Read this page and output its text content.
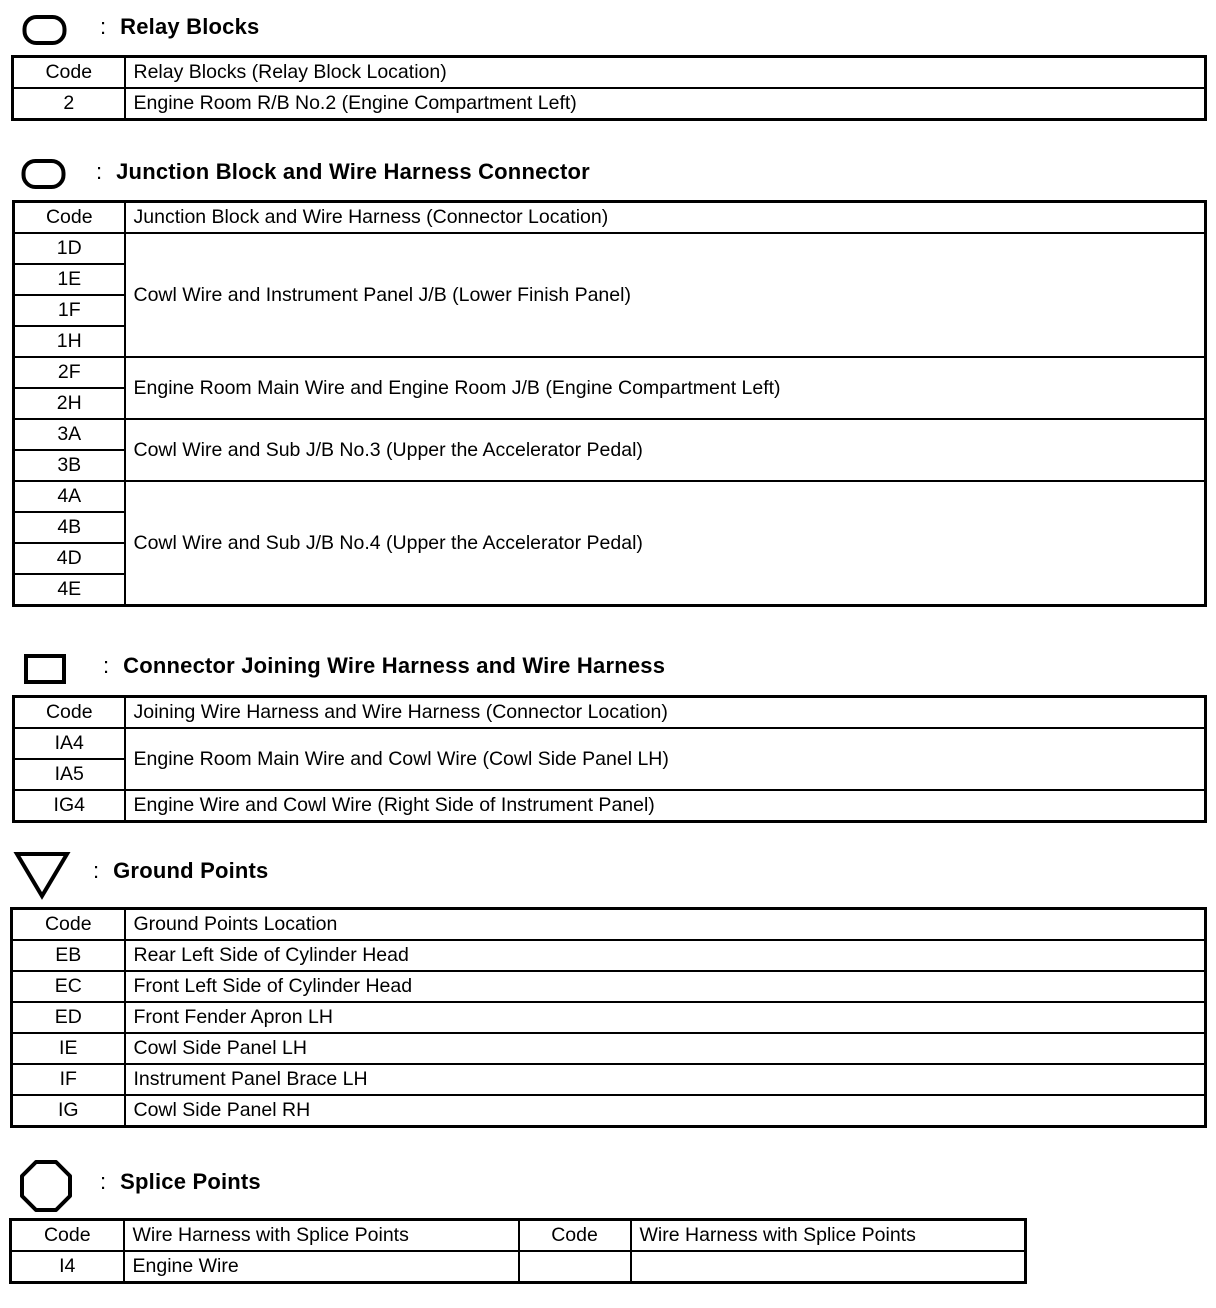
: Relay Blocks
Code	Relay Blocks (Relay Block Location)
2	Engine Room R/B No.2 (Engine Compartment Left)
: Junction Block and Wire Harness Connector
Code	Junction Block and Wire Harness (Connector Location)
1D	Cowl Wire and Instrument Panel J/B (Lower Finish Panel)
1E	
1F	
1H	
2F	Engine Room Main Wire and Engine Room J/B (Engine Compartment Left)
2H	
3A	Cowl Wire and Sub J/B No.3 (Upper the Accelerator Pedal)
3B	
4A	Cowl Wire and Sub J/B No.4 (Upper the Accelerator Pedal)
4B	
4D	
4E	
: Connector Joining Wire Harness and Wire Harness
Code	Joining Wire Harness and Wire Harness (Connector Location)
IA4	Engine Room Main Wire and Cowl Wire (Cowl Side Panel LH)
IA5	
IG4	Engine Wire and Cowl Wire (Right Side of Instrument Panel)
: Ground Points
Code	Ground Points Location
EB	Rear Left Side of Cylinder Head
EC	Front Left Side of Cylinder Head
ED	Front Fender Apron LH
IE	Cowl Side Panel LH
IF	Instrument Panel Brace LH
IG	Cowl Side Panel RH
: Splice Points
Code	Wire Harness with Splice Points	Code	Wire Harness with Splice Points
I4	Engine Wire		
